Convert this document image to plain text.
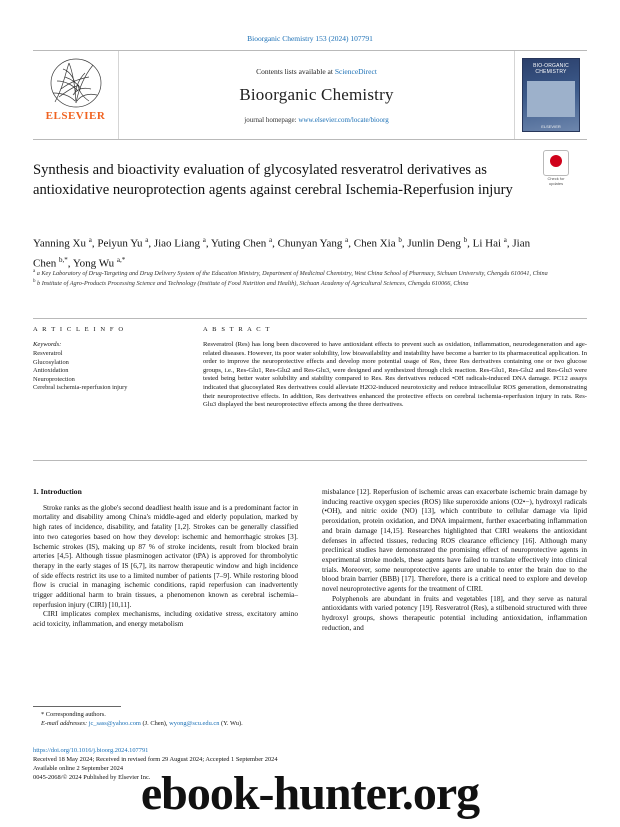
Bioorganic Chemistry 153 (2024) 107791
ELSEVIER
Contents lists available at ScienceDirect
Bioorganic Chemistry
journal homepage: www.elsevier.com/locate/bioorg
BIO-ORGANIC CHEMISTRY
ELSEVIER
Check for updates
Synthesis and bioactivity evaluation of glycosylated resveratrol derivatives as antioxidative neuroprotection agents against cerebral Ischemia-Reperfusion injury
Yanning Xu $^a$, Peiyun Yu $^a$, Jiao Liang $^a$, Yuting Chen $^a$, Chunyan Yang $^a$, Chen Xia $^b$, Junlin Deng $^b$, Li Hai $^a$, Jian Chen $^{b,*}$, Yong Wu $^{a,*}$
$^a$ a Key Laboratory of Drug-Targeting and Drug Delivery System of the Education Ministry, Department of Medicinal Chemistry, West China School of Pharmacy, Sichuan University, Chengdu 610041, China
$^b$ b Institute of Agro-Products Processing Science and Technology (Institute of Food Nutrition and Health), Sichuan Academy of Agricultural Sciences, Chengdu 610066, China
A R T I C L E I N F O
Keywords:
Resveratrol
Glucosylation
Antioxidation
Neuroprotection
Cerebral ischemia-reperfusion injury
A B S T R A C T
Resveratrol (Res) has long been discovered to have antioxidant effects to prevent such as oxidation, inflammation, neurodegeneration and age-related diseases. However, its poor water solubility, low bioavailability and instability have become a barrier to its pharmaceutical application. In order to improve the neuroprotective effects and develop more potential usage of Res, three Res derivatives containing one or two glucose groups, i.e., Res-Glu1, Res-Glu2 and Res-Glu3, were designed and synthesized through click reaction. Res-Glu1, Res-Glu2 and Res-Glu3 were tested being better water solubility and stability compared to Res. Res derivatives reduced •OH radicals-induced DNA damage. PC12 assays indicated that glucosylated Res derivatives could alleviate H2O2-induced neurotoxicity and reduce intracellular ROS generation, demonstrating their neuroprotective effects. In addition, Res derivatives enhanced the protective effects on cerebral ischemia-reperfusion injury in rats. Res-Glu3 displayed the best neuroprotective effects among the three derivatives.
1. Introduction

Stroke ranks as the globe's second deadliest health issue and is a predominant factor in mortality and disability among China's middle-aged and elderly population, marked by high rates of incidence, disability, and fatality [1,2]. Strokes can be generally classified into two categories based on how they develop: ischemic and hemorrhagic strokes [3]. Ischemic strokes (IS), making up 87 % of stroke incidents, result from blocked brain arteries [4,5]. Although tissue plasminogen activator (tPA) is approved for thrombolytic therapy in the early stages of IS [6,7], its narrow therapeutic window and high incidence of side effects restrict its use to a limited number of patients [7–9]. While restoring blood flow is crucial in managing ischemic conditions, rapid reperfusion can inadvertently trigger additional harm to brain tissues, a phenomenon known as cerebral ischemia–reperfusion injury (CIRI) [10,11].

CIRI implicates complex mechanisms, including oxidative stress, excitatory amino acid toxicity, inflammation, and energy metabolism

misbalance [12]. Reperfusion of ischemic areas can exacerbate ischemic brain damage by inducing reactive oxygen species (ROS) like superoxide anions (O2•−), hydroxyl radicals (•OH), and nitric oxide (NO) [13], which contribute to cellular damage via lipid peroxidation, protein oxidation, and DNA impairment, further exacerbating inflammation and brain damage [14,15]. Researches highlighted that CIRI weakens the antioxidant defenses in affected tissues, reducing ROS clearance efficiency [16]. Although many preclinical studies have demonstrated the promising effect of neuroprotective agents in experimental stroke models, these agents have failed to translate effectively into clinical trials. Moreover, some neuroprotective agents are unable to enter the brain due to the blood brain barrier (BBB) [17]. Therefore, there is a critical need to explore and develop novel neuroprotective agents for the treatment of CIRI.

Polyphenols are abundant in fruits and vegetables [18], and they serve as natural antioxidants with varied potency [19]. Resveratrol (Res), a stilbenoid structured with three hydroxyl groups, shows therapeutic potential including antioxidation, inflammation reduction, and

* Corresponding authors.
E-mail addresses: jc_sass@yahoo.com (J. Chen), wyong@scu.edu.cn (Y. Wu).
https://doi.org/10.1016/j.bioorg.2024.107791
Received 18 May 2024; Received in revised form 29 August 2024; Accepted 1 September 2024
Available online 2 September 2024
0045-2068/© 2024 Published by Elsevier Inc.
ebook-hunter.org
